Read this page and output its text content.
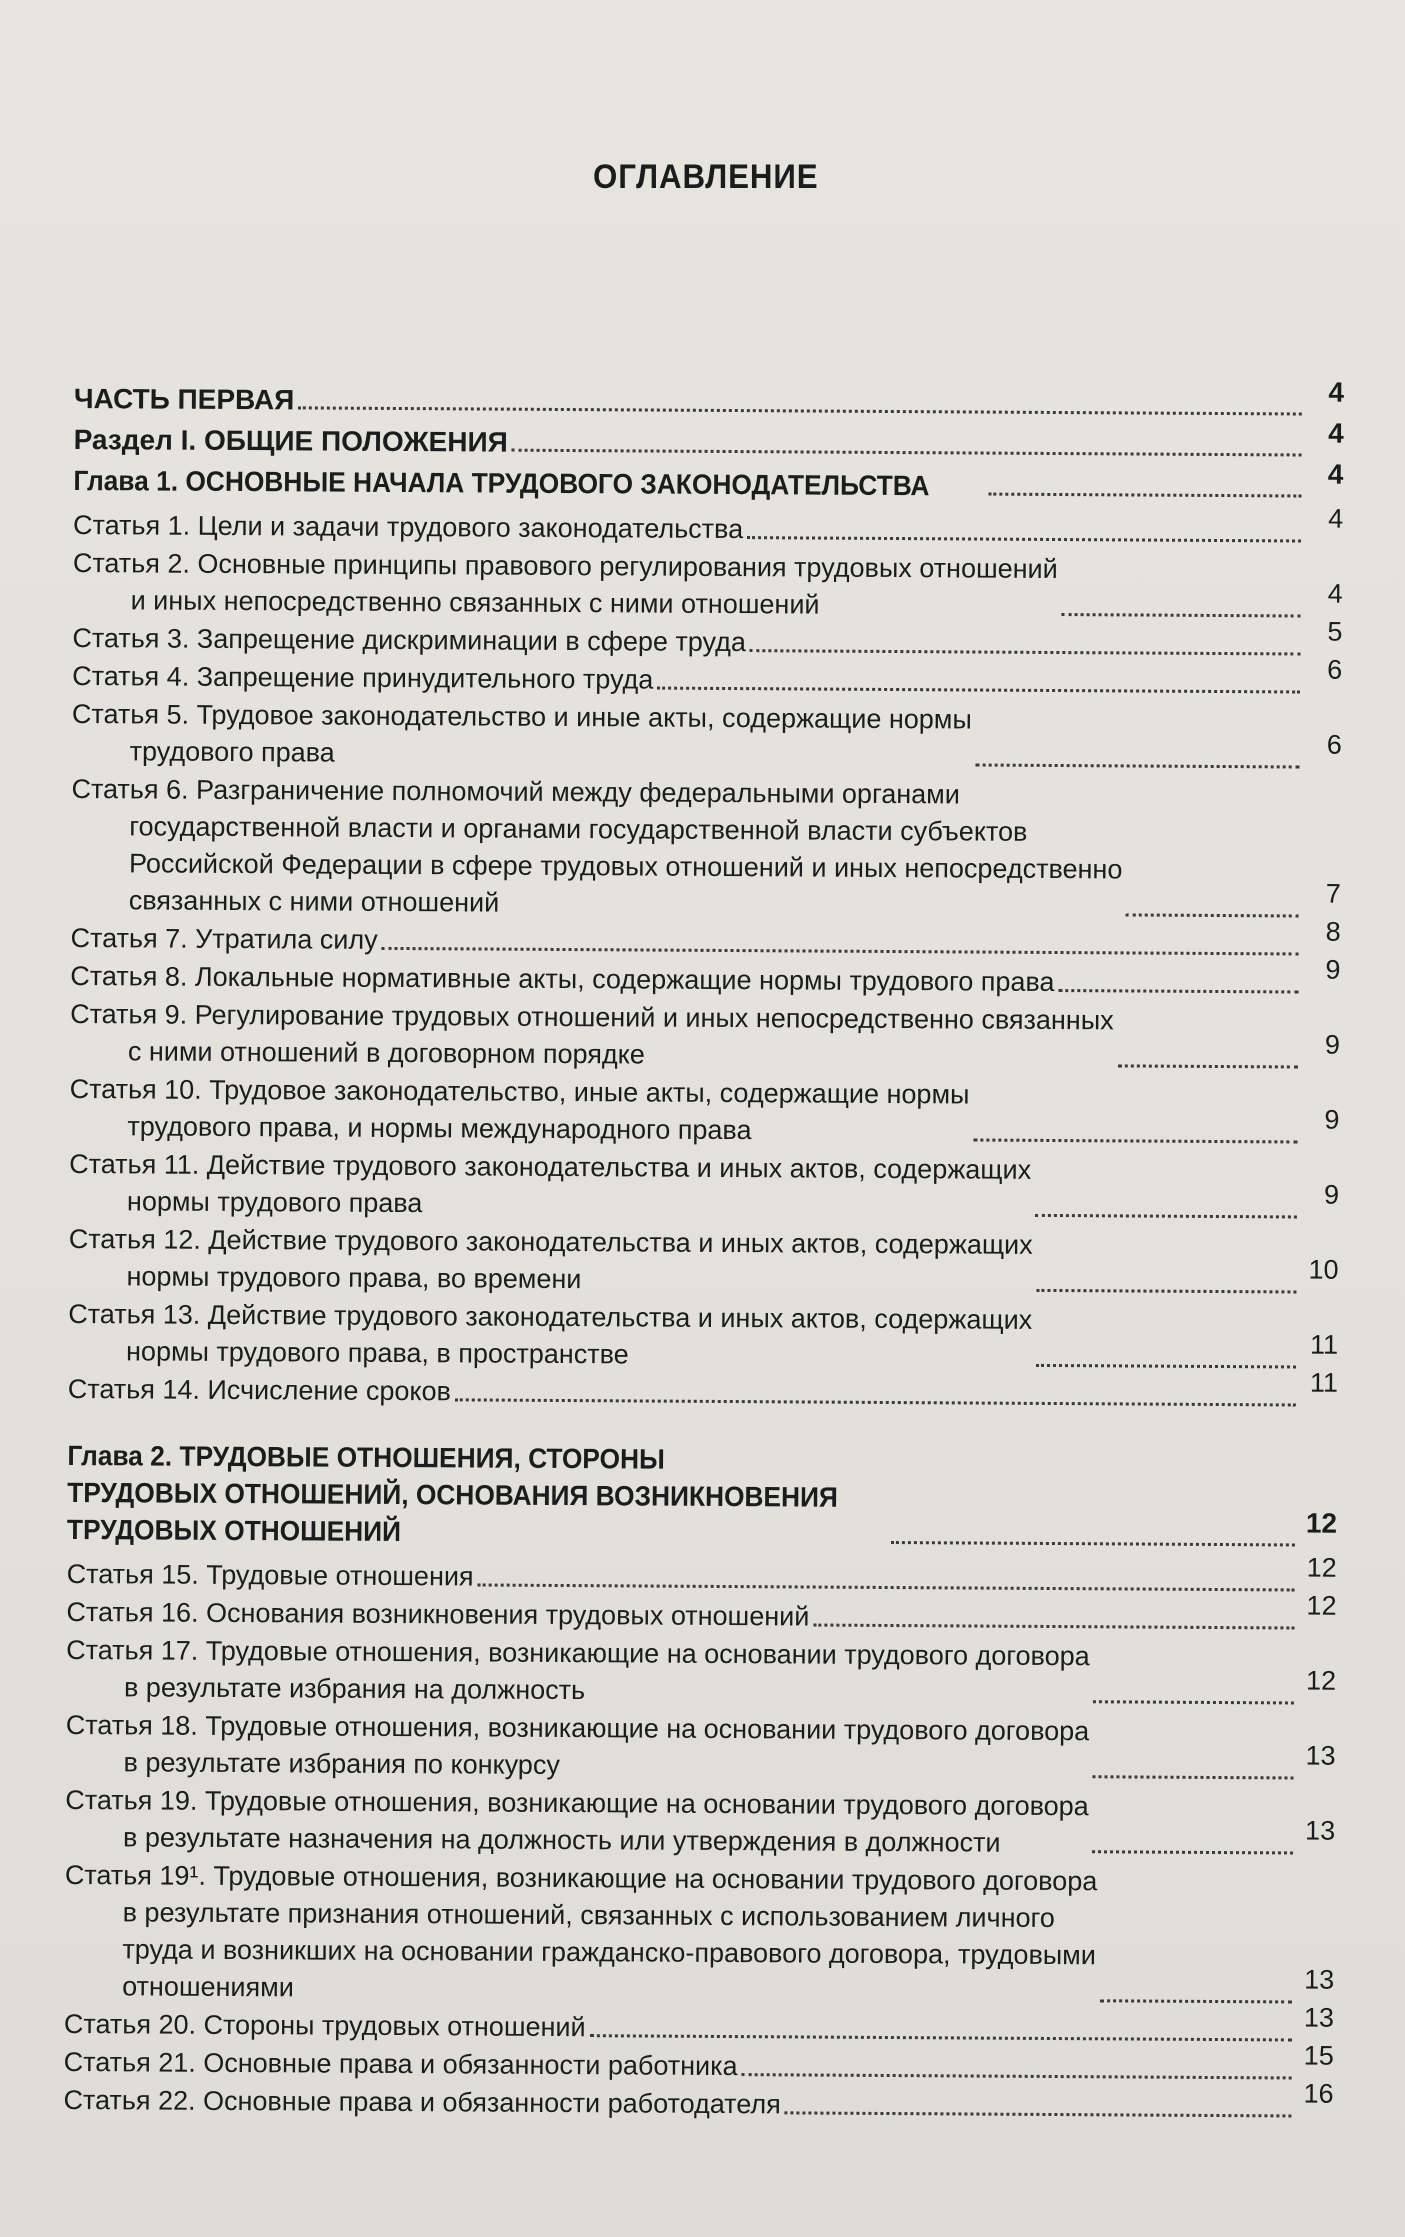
ОГЛАВЛЕНИЕ
ЧАСТЬ ПЕРВАЯ	4
Раздел I. ОБЩИЕ ПОЛОЖЕНИЯ	4
Глава 1. ОСНОВНЫЕ НАЧАЛА ТРУДОВОГО ЗАКОНОДАТЕЛЬСТВА	4
Статья 1. Цели и задачи трудового законодательства	4
Статья 2. Основные принципы правового регулирования трудовых отношений
и иных непосредственно связанных с ними отношений	4
Статья 3. Запрещение дискриминации в сфере труда	5
Статья 4. Запрещение принудительного труда	6
Статья 5. Трудовое законодательство и иные акты, содержащие нормы
трудового права	6
Статья 6. Разграничение полномочий между федеральными органами
государственной власти и органами государственной власти субъектов
Российской Федерации в сфере трудовых отношений и иных непосредственно
связанных с ними отношений	7
Статья 7. Утратила силу	8
Статья 8. Локальные нормативные акты, содержащие нормы трудового права	9
Статья 9. Регулирование трудовых отношений и иных непосредственно связанных
с ними отношений в договорном порядке	9
Статья 10. Трудовое законодательство, иные акты, содержащие нормы
трудового права, и нормы международного права	9
Статья 11. Действие трудового законодательства и иных актов, содержащих
нормы трудового права	9
Статья 12. Действие трудового законодательства и иных актов, содержащих
нормы трудового права, во времени	10
Статья 13. Действие трудового законодательства и иных актов, содержащих
нормы трудового права, в пространстве	11
Статья 14. Исчисление сроков	11
Глава 2. ТРУДОВЫЕ ОТНОШЕНИЯ, СТОРОНЫ
ТРУДОВЫХ ОТНОШЕНИЙ, ОСНОВАНИЯ ВОЗНИКНОВЕНИЯ
ТРУДОВЫХ ОТНОШЕНИЙ	12
Статья 15. Трудовые отношения	12
Статья 16. Основания возникновения трудовых отношений	12
Статья 17. Трудовые отношения, возникающие на основании трудового договора
в результате избрания на должность	12
Статья 18. Трудовые отношения, возникающие на основании трудового договора
в результате избрания по конкурсу	13
Статья 19. Трудовые отношения, возникающие на основании трудового договора
в результате назначения на должность или утверждения в должности	13
Статья 19¹. Трудовые отношения, возникающие на основании трудового договора
в результате признания отношений, связанных с использованием личного
труда и возникших на основании гражданско-правового договора, трудовыми
отношениями	13
Статья 20. Стороны трудовых отношений	13
Статья 21. Основные права и обязанности работника	15
Статья 22. Основные права и обязанности работодателя	16
